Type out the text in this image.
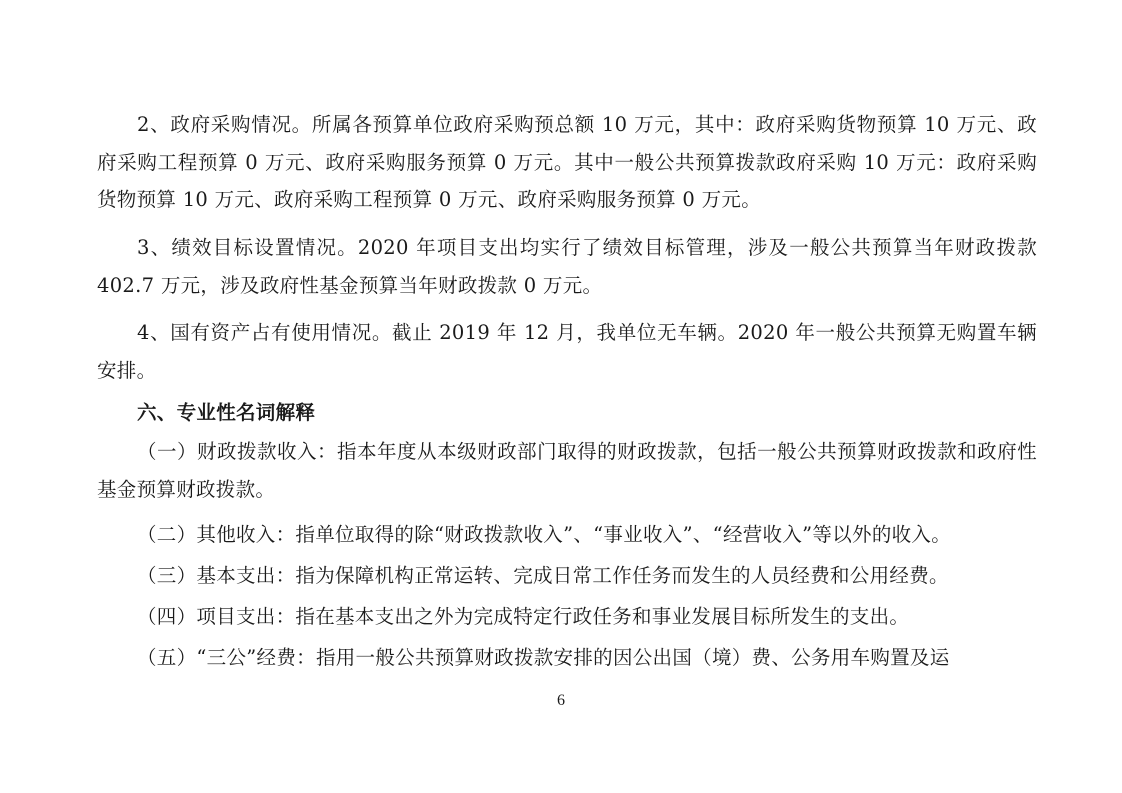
2、政府采购情况。所属各预算单位政府采购预总额 10 万元，其中：政府采购货物预算 10 万元、政府采购工程预算 0 万元、政府采购服务预算 0 万元。其中一般公共预算拨款政府采购 10 万元：政府采购货物预算 10 万元、政府采购工程预算 0 万元、政府采购服务预算 0 万元。

3、绩效目标设置情况。2020 年项目支出均实行了绩效目标管理，涉及一般公共预算当年财政拨款 402.7 万元，涉及政府性基金预算当年财政拨款 0 万元。

4、国有资产占有使用情况。截止 2019 年 12 月，我单位无车辆。2020 年一般公共预算无购置车辆安排。

六、专业性名词解释

（一）财政拨款收入：指本年度从本级财政部门取得的财政拨款，包括一般公共预算财政拨款和政府性基金预算财政拨款。

（二）其他收入：指单位取得的除“财政拨款收入”、“事业收入”、“经营收入”等以外的收入。

（三）基本支出：指为保障机构正常运转、完成日常工作任务而发生的人员经费和公用经费。

（四）项目支出：指在基本支出之外为完成特定行政任务和事业发展目标所发生的支出。

（五）“三公”经费：指用一般公共预算财政拨款安排的因公出国（境）费、公务用车购置及运

6
